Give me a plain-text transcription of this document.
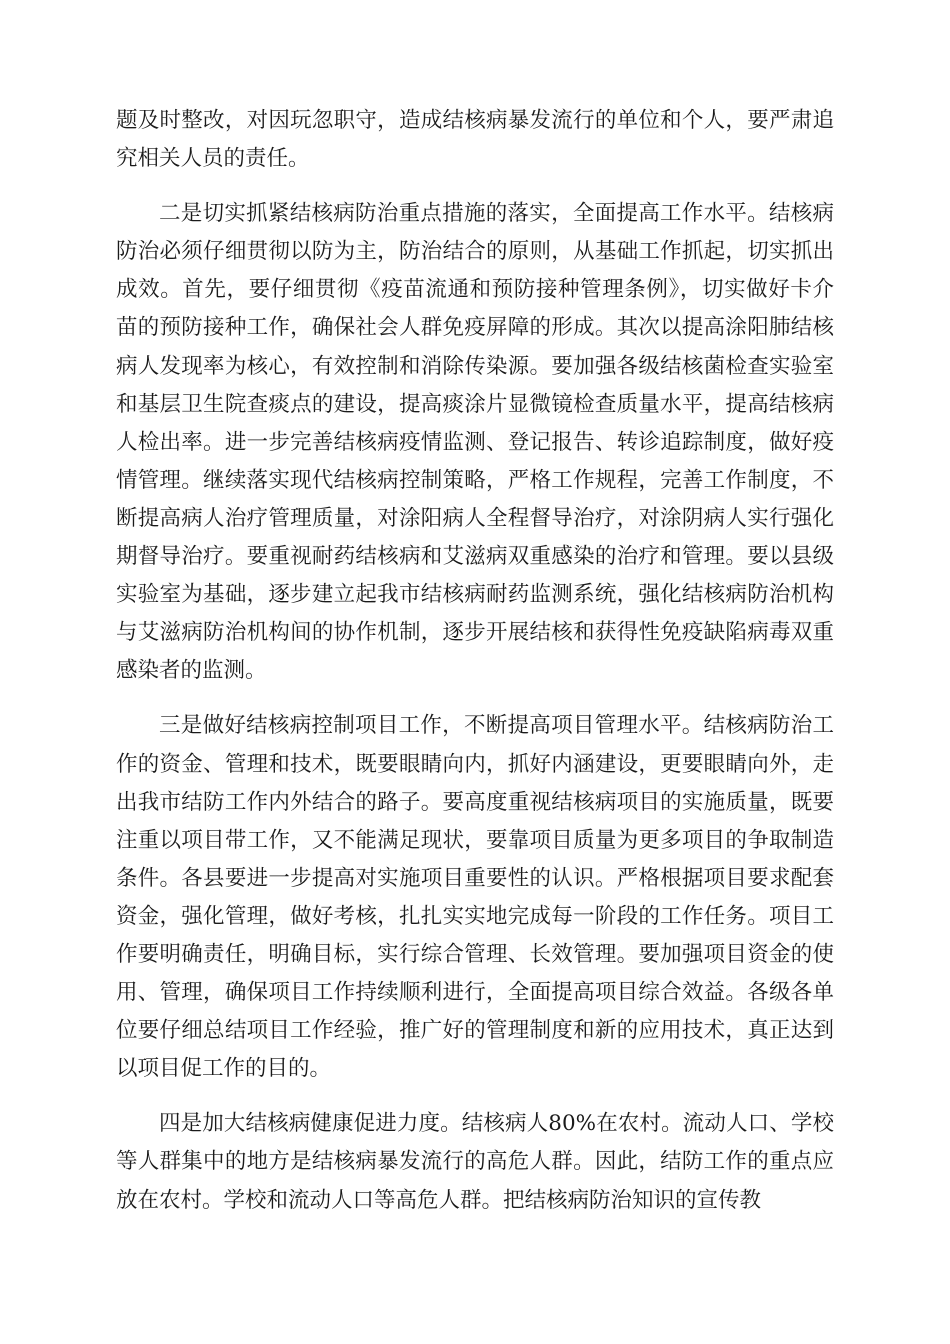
题及时整改，对因玩忽职守，造成结核病暴发流行的单位和个人，要严肃追究相关人员的责任。

二是切实抓紧结核病防治重点措施的落实，全面提高工作水平。结核病防治必须仔细贯彻以防为主，防治结合的原则，从基础工作抓起，切实抓出成效。首先，要仔细贯彻《疫苗流通和预防接种管理条例》，切实做好卡介苗的预防接种工作，确保社会人群免疫屏障的形成。其次以提高涂阳肺结核病人发现率为核心，有效控制和消除传染源。要加强各级结核菌检查实验室和基层卫生院查痰点的建设，提高痰涂片显微镜检查质量水平，提高结核病人检出率。进一步完善结核病疫情监测、登记报告、转诊追踪制度，做好疫情管理。继续落实现代结核病控制策略，严格工作规程，完善工作制度，不断提高病人治疗管理质量，对涂阳病人全程督导治疗，对涂阴病人实行强化期督导治疗。要重视耐药结核病和艾滋病双重感染的治疗和管理。要以县级实验室为基础，逐步建立起我市结核病耐药监测系统，强化结核病防治机构与艾滋病防治机构间的协作机制，逐步开展结核和获得性免疫缺陷病毒双重感染者的监测。

三是做好结核病控制项目工作，不断提高项目管理水平。结核病防治工作的资金、管理和技术，既要眼睛向内，抓好内涵建设，更要眼睛向外，走出我市结防工作内外结合的路子。要高度重视结核病项目的实施质量，既要注重以项目带工作，又不能满足现状，要靠项目质量为更多项目的争取制造条件。各县要进一步提高对实施项目重要性的认识。严格根据项目要求配套资金，强化管理，做好考核，扎扎实实地完成每一阶段的工作任务。项目工作要明确责任，明确目标，实行综合管理、长效管理。要加强项目资金的使用、管理，确保项目工作持续顺利进行，全面提高项目综合效益。各级各单位要仔细总结项目工作经验，推广好的管理制度和新的应用技术，真正达到以项目促工作的目的。

四是加大结核病健康促进力度。结核病人80%在农村。流动人口、学校等人群集中的地方是结核病暴发流行的高危人群。因此，结防工作的重点应放在农村。学校和流动人口等高危人群。把结核病防治知识的宣传教
